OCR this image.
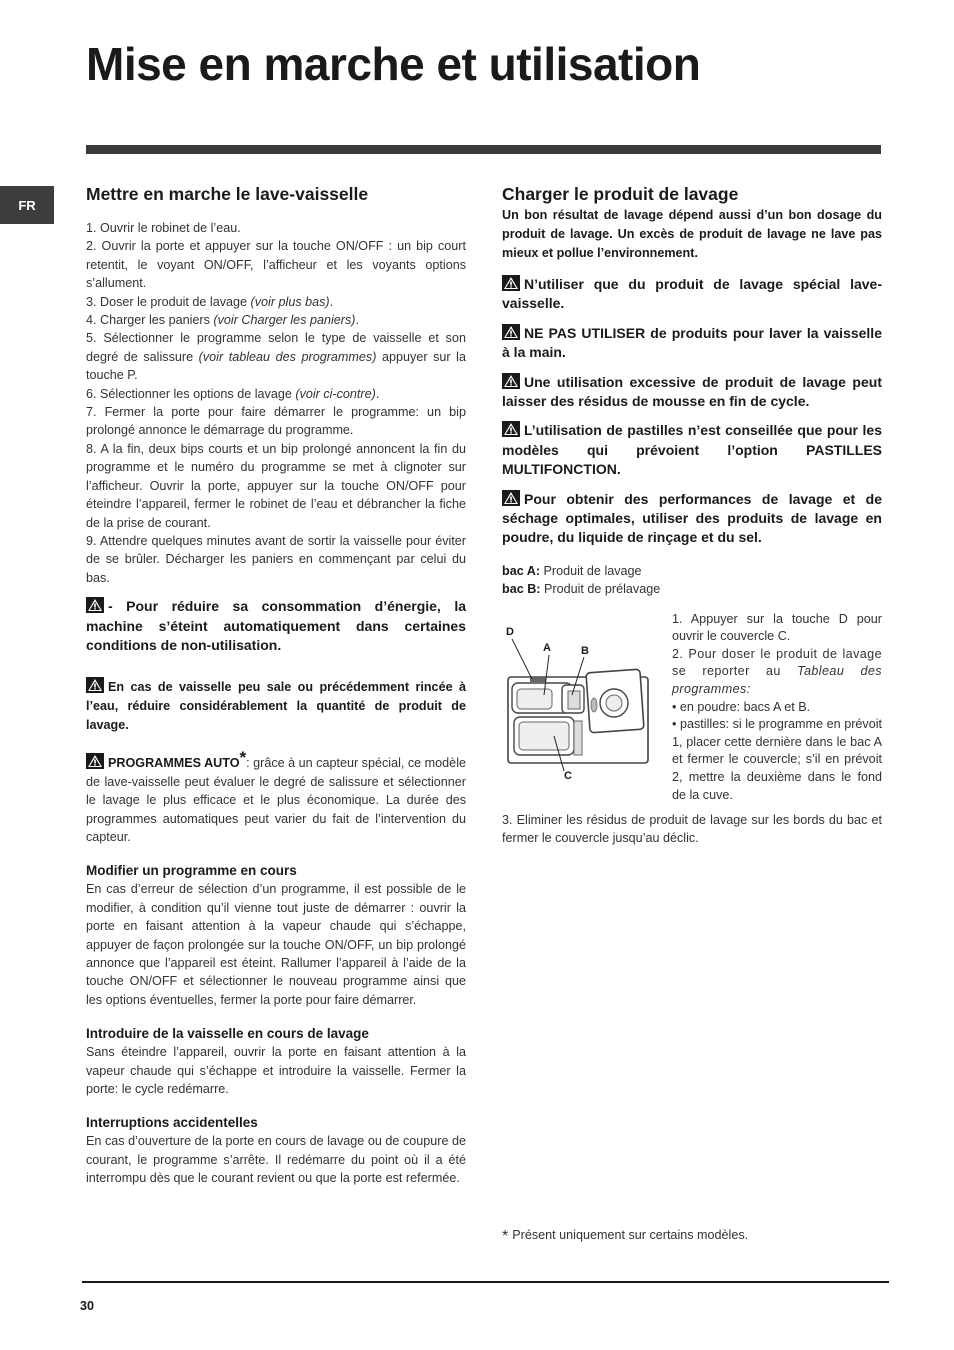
Mise en marche et utilisation
FR
Mettre en marche le lave-vaisselle

1. Ouvrir le robinet de l’eau.

2. Ouvrir la porte et appuyer sur la touche ON/OFF : un bip court retentit, le voyant ON/OFF, l’afficheur et les voyants options s’allument.

3. Doser le produit de lavage (voir plus bas).

4. Charger les paniers (voir Charger les paniers).

5. Sélectionner le programme selon le type de vaisselle et son degré de salissure (voir tableau des programmes) appuyer sur la touche P.

6. Sélectionner les options de lavage (voir ci-contre).

7. Fermer la porte pour faire démarrer le programme: un bip prolongé annonce le démarrage du programme.

8. A la fin, deux bips courts et un bip prolongé annoncent la fin du programme et le numéro du programme se met à clignoter sur l’afficheur. Ouvrir la porte, appuyer sur la touche ON/OFF pour éteindre l’appareil, fermer le robinet de l’eau et débrancher la fiche de la prise de courant.

9. Attendre quelques minutes avant de sortir la vaisselle pour éviter de se brûler. Décharger les paniers en commençant par celui du bas.

- Pour réduire sa consommation d’énergie, la machine s’éteint automatiquement dans certaines conditions de non-utilisation.

En cas de vaisselle peu sale ou précédemment rincée à l’eau, réduire considérablement la quantité de produit de lavage.

PROGRAMMES AUTO*: grâce à un capteur spécial, ce modèle de lave-vaisselle peut évaluer le degré de salissure et sélectionner le lavage le plus efficace et le plus économique. La durée des programmes automatiques peut varier du fait de l’intervention du capteur.

Modifier un programme en cours

En cas d’erreur de sélection d’un programme, il est possible de le modifier, à condition qu’il vienne tout juste de démarrer : ouvrir la porte en faisant attention à la vapeur chaude qui s’échappe, appuyer de façon prolongée sur la touche ON/OFF, un bip prolongé annonce que l’appareil est éteint. Rallumer l’appareil à l’aide de la touche ON/OFF et sélectionner le nouveau programme ainsi que les options éventuelles, fermer la porte pour faire démarrer.

Introduire de la vaisselle en cours de lavage

Sans éteindre l’appareil, ouvrir la porte en faisant attention à la vapeur chaude qui s’échappe et introduire la vaisselle. Fermer la porte: le cycle redémarre.

Interruptions accidentelles

En cas d’ouverture de la porte en cours de lavage ou de coupure de courant, le programme s’arrête. Il redémarre du point où il a été interrompu dès que le courant revient ou que la porte est refermée.

Charger le produit de lavage

Un bon résultat de lavage dépend aussi d’un bon dosage du produit de lavage. Un excès de produit de lavage ne lave pas mieux et pollue l’environnement.

N’utiliser que du produit de lavage spécial lave-vaisselle.

NE PAS UTILISER de produits pour laver la vaisselle à la main.

Une utilisation excessive de produit de lavage peut laisser des résidus de mousse en fin de cycle.

L’utilisation de pastilles n’est conseillée que pour les modèles qui prévoient l’option PASTILLES MULTIFONCTION.

Pour obtenir des performances de lavage et de séchage optimales, utiliser des produits de lavage en poudre, du liquide de rinçage et du sel.

bac A: Produit de lavage
bac B: Produit de prélavage
D
A	B
C

1. Appuyer sur la touche D pour ouvrir le couvercle C.

2. Pour doser le produit de lavage se reporter au Tableau des programmes:

• en poudre: bacs A et B.

• pastilles: si le programme en prévoit 1, placer cette dernière dans le bac A et fermer le couvercle; s’il en prévoit 2, mettre la deuxième dans le fond de la cuve.

3. Eliminer les résidus de produit de lavage sur les bords du bac et fermer le couvercle jusqu’au déclic.

* Présent uniquement sur certains modèles.
30
